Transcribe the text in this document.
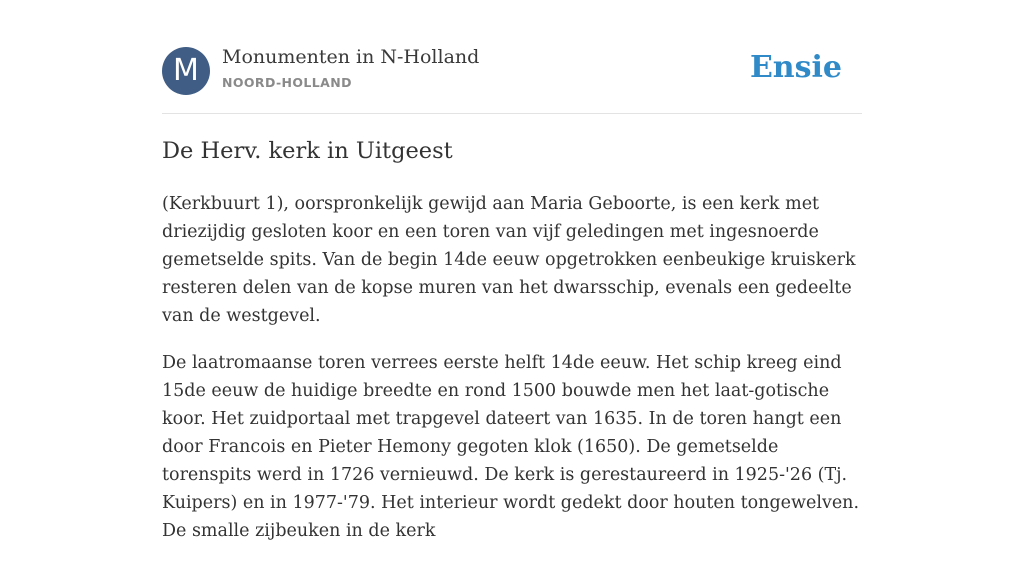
M	Monumenten in N-Holland
NOORD-HOLLAND	Ensie
De Herv. kerk in Uitgeest

(Kerkbuurt 1), oorspronkelijk gewijd aan Maria Geboorte, is een kerk met driezijdig gesloten koor en een toren van vijf geledingen met ingesnoerde gemetselde spits. Van de begin 14de eeuw opgetrokken eenbeukige kruiskerk resteren delen van de kopse muren van het dwarsschip, evenals een gedeelte van de westgevel.

De laatromaanse toren verrees eerste helft 14de eeuw. Het schip kreeg eind 15de eeuw de huidige breedte en rond 1500 bouwde men het laat-gotische koor. Het zuidportaal met trapgevel dateert van 1635. In de toren hangt een door Francois en Pieter Hemony gegoten klok (1650). De gemetselde torenspits werd in 1726 vernieuwd. De kerk is gerestaureerd in 1925-'26 (Tj. Kuipers) en in 1977-'79. Het interieur wordt gedekt door houten tongewelven. De smalle zijbeuken in de kerk
